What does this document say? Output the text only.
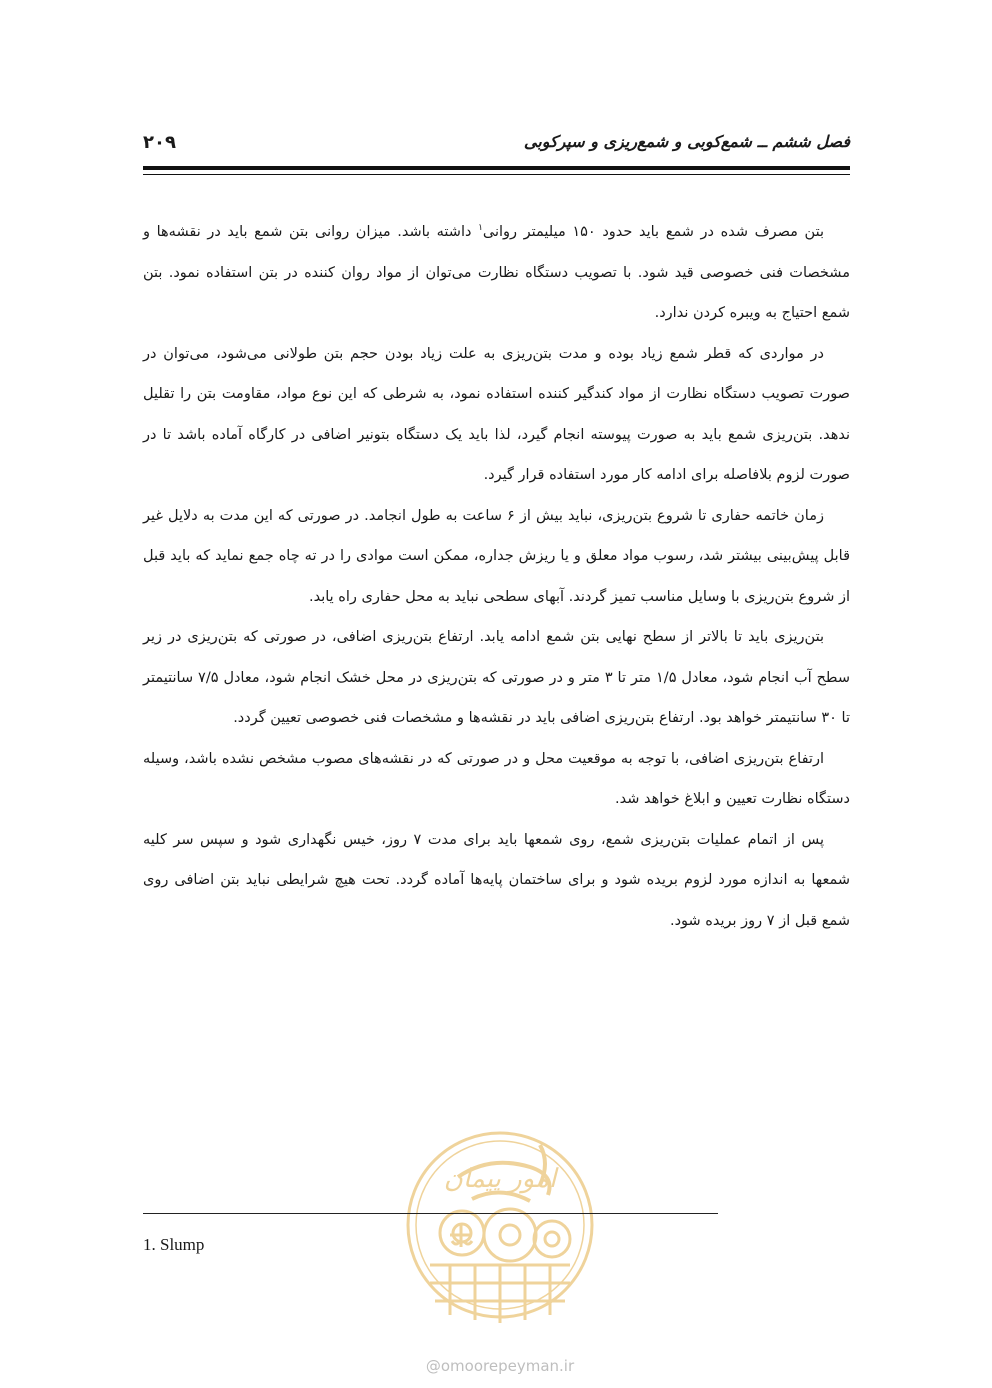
فصل ششم ــ شمع‌کوبی و شمع‌ریزی و سپرکوبی
۲۰۹

بتن مصرف شده در شمع باید حدود ۱۵۰ میلیمتر روانی$^۱$ داشته باشد. میزان روانی بتن شمع باید در نقشه‌ها و مشخصات فنی خصوصی قید شود. با تصویب دستگاه نظارت می‌توان از مواد روان کننده در بتن استفاده نمود. بتن شمع احتیاج به ویبره کردن ندارد.

در مواردی که قطر شمع زیاد بوده و مدت بتن‌ریزی به علت زیاد بودن حجم بتن طولانی می‌شود، می‌توان در صورت تصویب دستگاه نظارت از مواد کندگیر کننده استفاده نمود، به شرطی که این نوع مواد، مقاومت بتن را تقلیل ندهد. بتن‌ریزی شمع باید به صورت پیوسته انجام گیرد، لذا باید یک دستگاه بتونیر اضافی در کارگاه آماده باشد تا در صورت لزوم بلافاصله برای ادامه کار مورد استفاده قرار گیرد.

زمان خاتمه حفاری تا شروع بتن‌ریزی، نباید بیش از ۶ ساعت به طول انجامد. در صورتی که این مدت به دلایل غیر قابل پیش‌بینی بیشتر شد، رسوب مواد معلق و یا ریزش جداره، ممکن است موادی را در ته چاه جمع نماید که باید قبل از شروع بتن‌ریزی با وسایل مناسب تمیز گردند. آبهای سطحی نباید به محل حفاری راه یابد.

بتن‌ریزی باید تا بالاتر از سطح نهایی بتن شمع ادامه یابد. ارتفاع بتن‌ریزی اضافی، در صورتی که بتن‌ریزی در زیر سطح آب انجام شود، معادل ۱/۵ متر تا ۳ متر و در صورتی که بتن‌ریزی در محل خشک انجام شود، معادل ۷/۵ سانتیمتر تا ۳۰ سانتیمتر خواهد بود. ارتفاع بتن‌ریزی اضافی باید در نقشه‌ها و مشخصات فنی خصوصی تعیین گردد.

ارتفاع بتن‌ریزی اضافی، با توجه به موقعیت محل و در صورتی که در نقشه‌های مصوب مشخص نشده باشد، وسیله دستگاه نظارت تعیین و ابلاغ خواهد شد.

پس از اتمام عملیات بتن‌ریزی شمع، روی شمعها باید برای مدت ۷ روز، خیس نگهداری شود و سپس سر کلیه شمعها به اندازه مورد لزوم بریده شود و برای ساختمان پایه‌ها آماده گردد. تحت هیچ شرایطی نباید بتن اضافی روی شمع قبل از ۷ روز بریده شود.

امور پیمان
@omoorepeyman.ir
1. Slump
